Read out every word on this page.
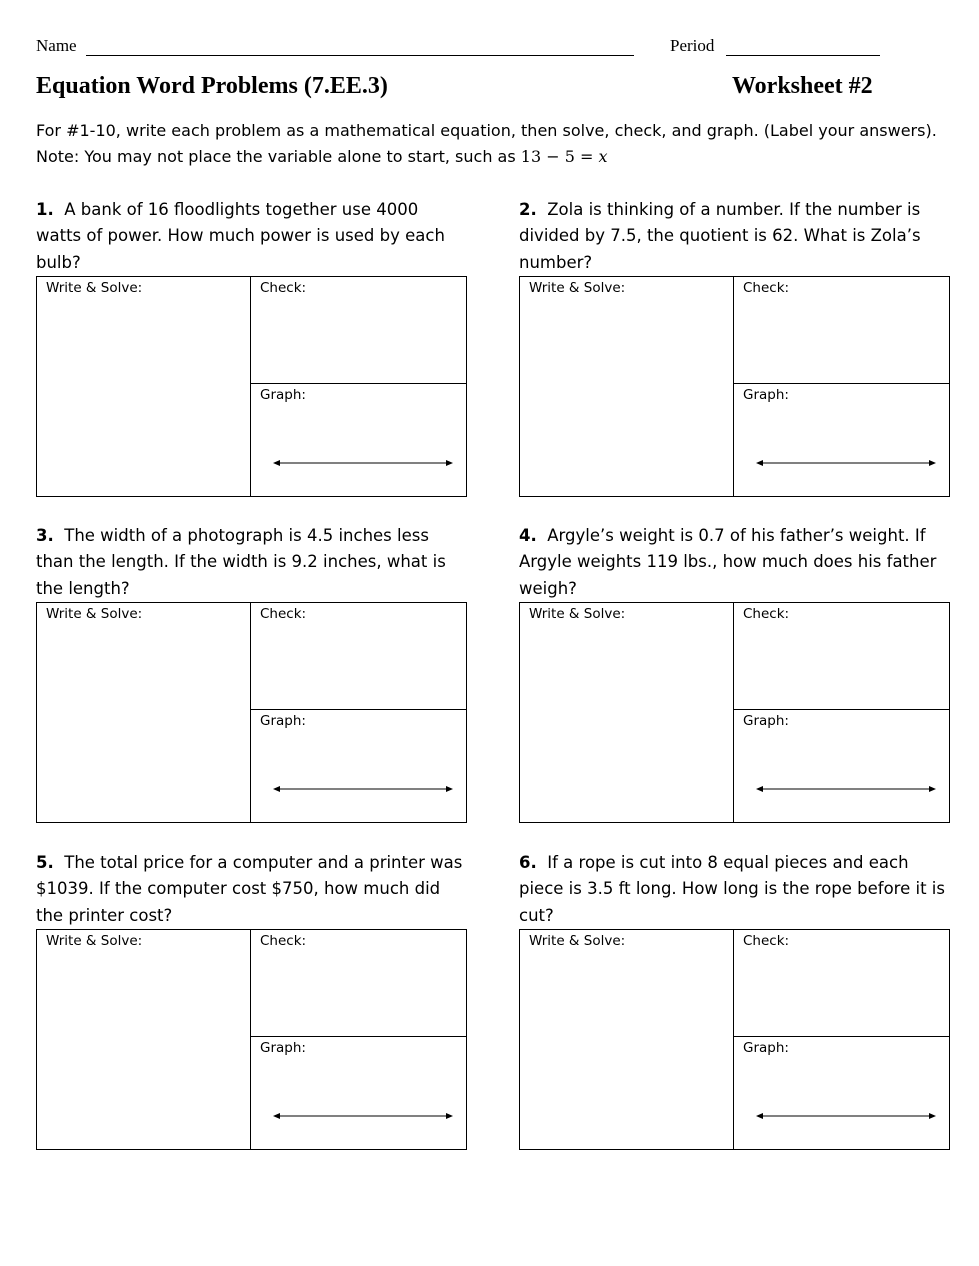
Name	Period
Equation Word Problems (7.EE.3)	Worksheet #2

For #1-10, write each problem as a mathematical equation, then solve, check, and graph. (Label your answers).

Note: You may not place the variable alone to start, such as 13 − 5 = x

1. A bank of 16 floodlights together use 4000 watts of power. How much power is used by each bulb?
Write & Solve:	Check:
Graph:
2. Zola is thinking of a number. If the number is divided by 7.5, the quotient is 62. What is Zola’s number?
Write & Solve:	Check:
Graph:
3. The width of a photograph is 4.5 inches less than the length. If the width is 9.2 inches, what is the length?
Write & Solve:	Check:
Graph:
4. Argyle’s weight is 0.7 of his father’s weight. If Argyle weights 119 lbs., how much does his father weigh?
Write & Solve:	Check:
Graph:
5. The total price for a computer and a printer was $1039. If the computer cost $750, how much did the printer cost?
Write & Solve:	Check:
Graph:
6. If a rope is cut into 8 equal pieces and each piece is 3.5 ft long. How long is the rope before it is cut?
Write & Solve:	Check:
Graph:
